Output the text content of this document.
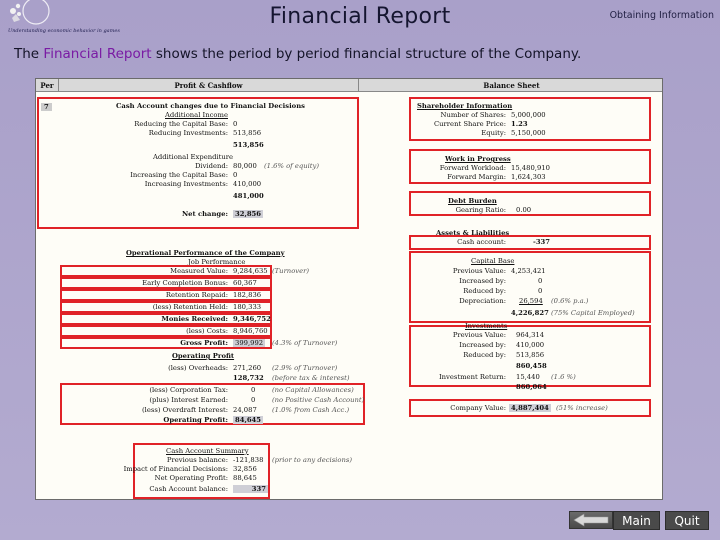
Understanding economic behavior in games
Financial Report	Obtaining Information
The Financial Report shows the period by period financial structure of the Company.
Per	Profit & Cashflow	Balance Sheet
7	Cash Account changes due to Financial Decisions
Additional Income
Reducing the Capital Base: 0
Reducing Investments: 513,856
513,856
Additional Expenditure
Dividend: 80,000 (1.6% of equity)
Increasing the Capital Base: 0
Increasing Investments: 410,000
481,000
Net change: 32,856
Shareholder Information
Number of Shares: 5,000,000
Current Share Price: 1.23
Equity: 5,150,000
Work in Progress
Forward Workload: 15,480,910
Forward Margin: 1,624,303
Debt Burden
Gearing Ratio: 0.00
Assets & Liabilities
Cash account:	-337
Operational Performance of the Company
Job Performance
Measured Value: 9,284,635 (Turnover)
Early Completion Bonus: 60,367
Retention Repaid: 182,836
(less) Retention Held: 180,333
Monies Received: 9,346,752
(less) Costs: 8,946,760
Gross Profit: 399,992 (4.3% of Turnover)
Operating Profit
(less) Overheads: 271,260 (2.9% of Turnover)
128,732 (before tax & interest)
(less) Corporation Tax:	0 (no Capital Allowances)
(plus) Interest Earned:	0 (no Positive Cash Account)
(less) Overdraft Interest: 24,087 (1.0% from Cash Acc.)
Operating Profit: 84,645
Capital Base
Previous Value: 4,253,421
Increased by:	0
Reduced by:	0
Depreciation: 26,594 (0.6% p.a.)
4,226,827 (75% Capital Employed)
Investments
Previous Value: 964,314
Increased by: 410,000
Reduced by: 513,856
860,458
Investment Return: 15,440 (1.6 %)
860,064
Company Value: 4,887,404 (51% increase)
Cash Account Summary
Previous balance: -121,838 (prior to any decisions)
Impact of Financial Decisions: 32,856
Net Operating Profit: 88,645
Cash Account balance:	337
Main	Quit
